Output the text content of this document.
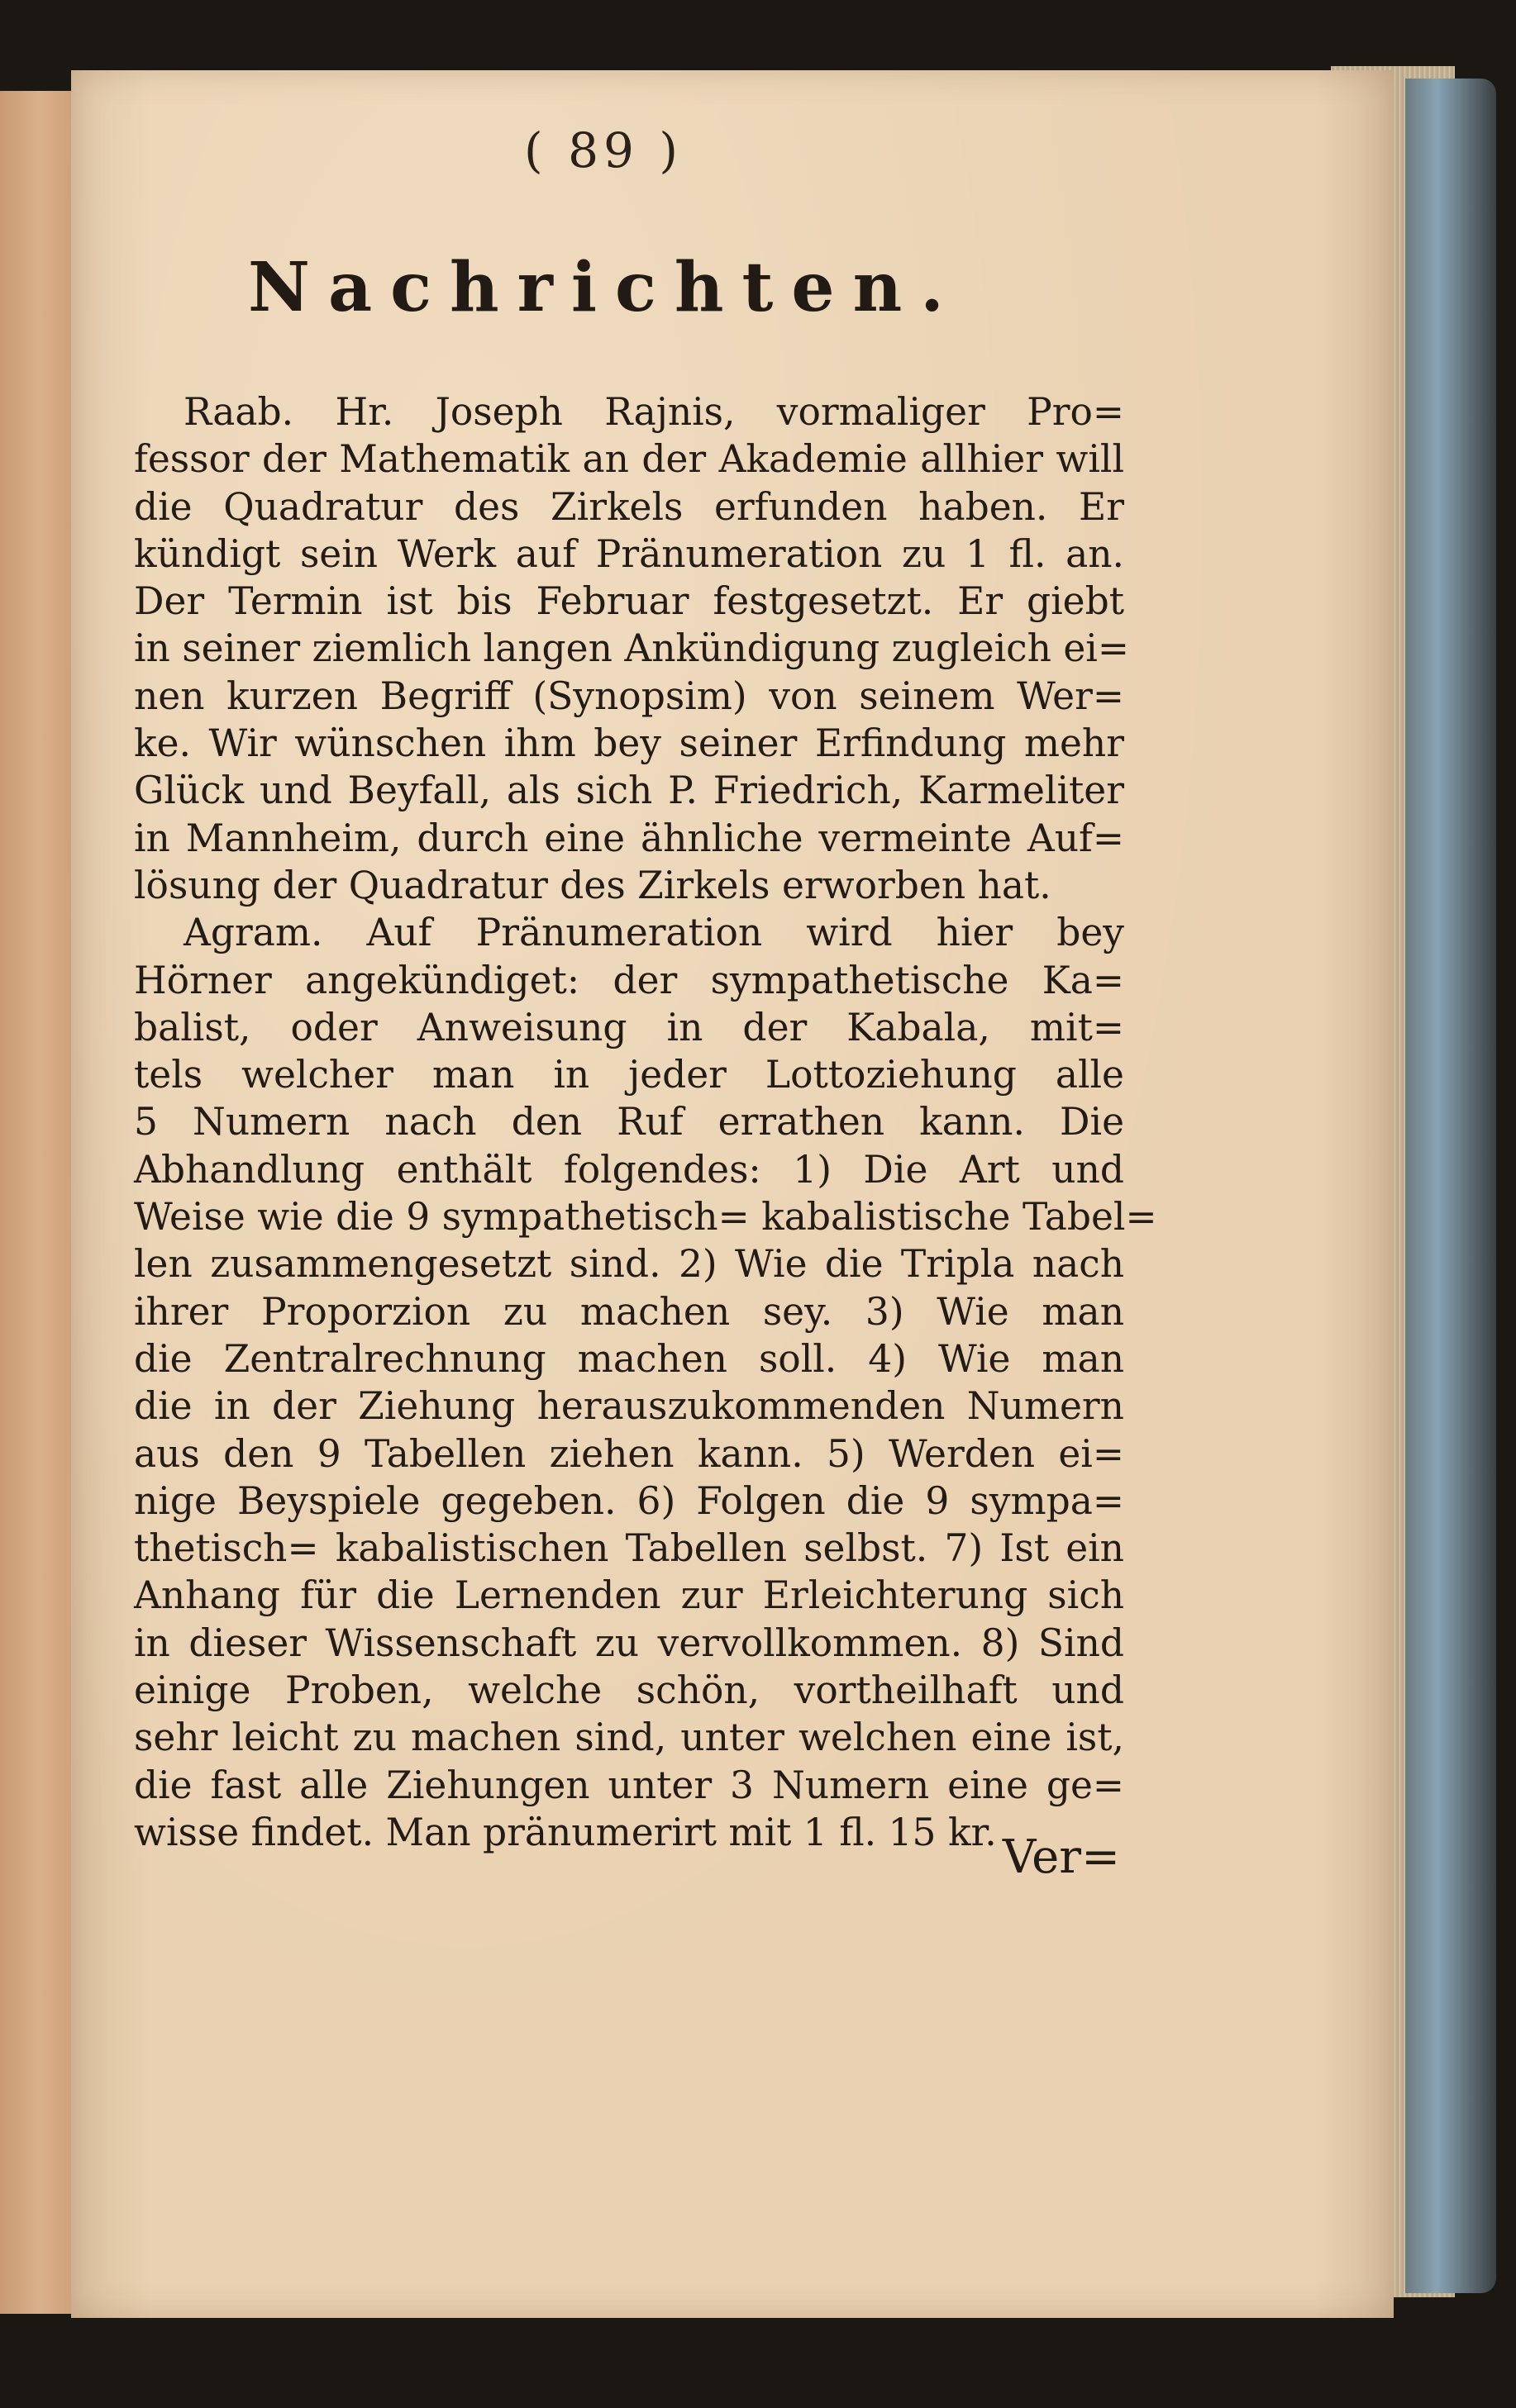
( 89 )
Nachrichten.
Raab. Hr. Joseph Rajnis, vormaliger Pro=
fessor der Mathematik an der Akademie allhier will
die Quadratur des Zirkels erfunden haben. Er
kündigt sein Werk auf Pränumeration zu 1 fl. an.
Der Termin ist bis Februar festgesetzt. Er giebt
in seiner ziemlich langen Ankündigung zugleich ei=
nen kurzen Begriff (Synopsim) von seinem Wer=
ke. Wir wünschen ihm bey seiner Erfindung mehr
Glück und Beyfall, als sich P. Friedrich, Karmeliter
in Mannheim, durch eine ähnliche vermeinte Auf=
lösung der Quadratur des Zirkels erworben hat.
Agram. Auf Pränumeration wird hier bey
Hörner angekündiget: der sympathetische Ka=
balist, oder Anweisung in der Kabala, mit=
tels welcher man in jeder Lottoziehung alle
5 Numern nach den Ruf errathen kann. Die
Abhandlung enthält folgendes: 1) Die Art und
Weise wie die 9 sympathetisch= kabalistische Tabel=
len zusammengesetzt sind. 2) Wie die Tripla nach
ihrer Proporzion zu machen sey. 3) Wie man
die Zentralrechnung machen soll. 4) Wie man
die in der Ziehung herauszukommenden Numern
aus den 9 Tabellen ziehen kann. 5) Werden ei=
nige Beyspiele gegeben. 6) Folgen die 9 sympa=
thetisch= kabalistischen Tabellen selbst. 7) Ist ein
Anhang für die Lernenden zur Erleichterung sich
in dieser Wissenschaft zu vervollkommen. 8) Sind
einige Proben, welche schön, vortheilhaft und
sehr leicht zu machen sind, unter welchen eine ist,
die fast alle Ziehungen unter 3 Numern eine ge=
wisse findet. Man pränumerirt mit 1 fl. 15 kr. Ver=
